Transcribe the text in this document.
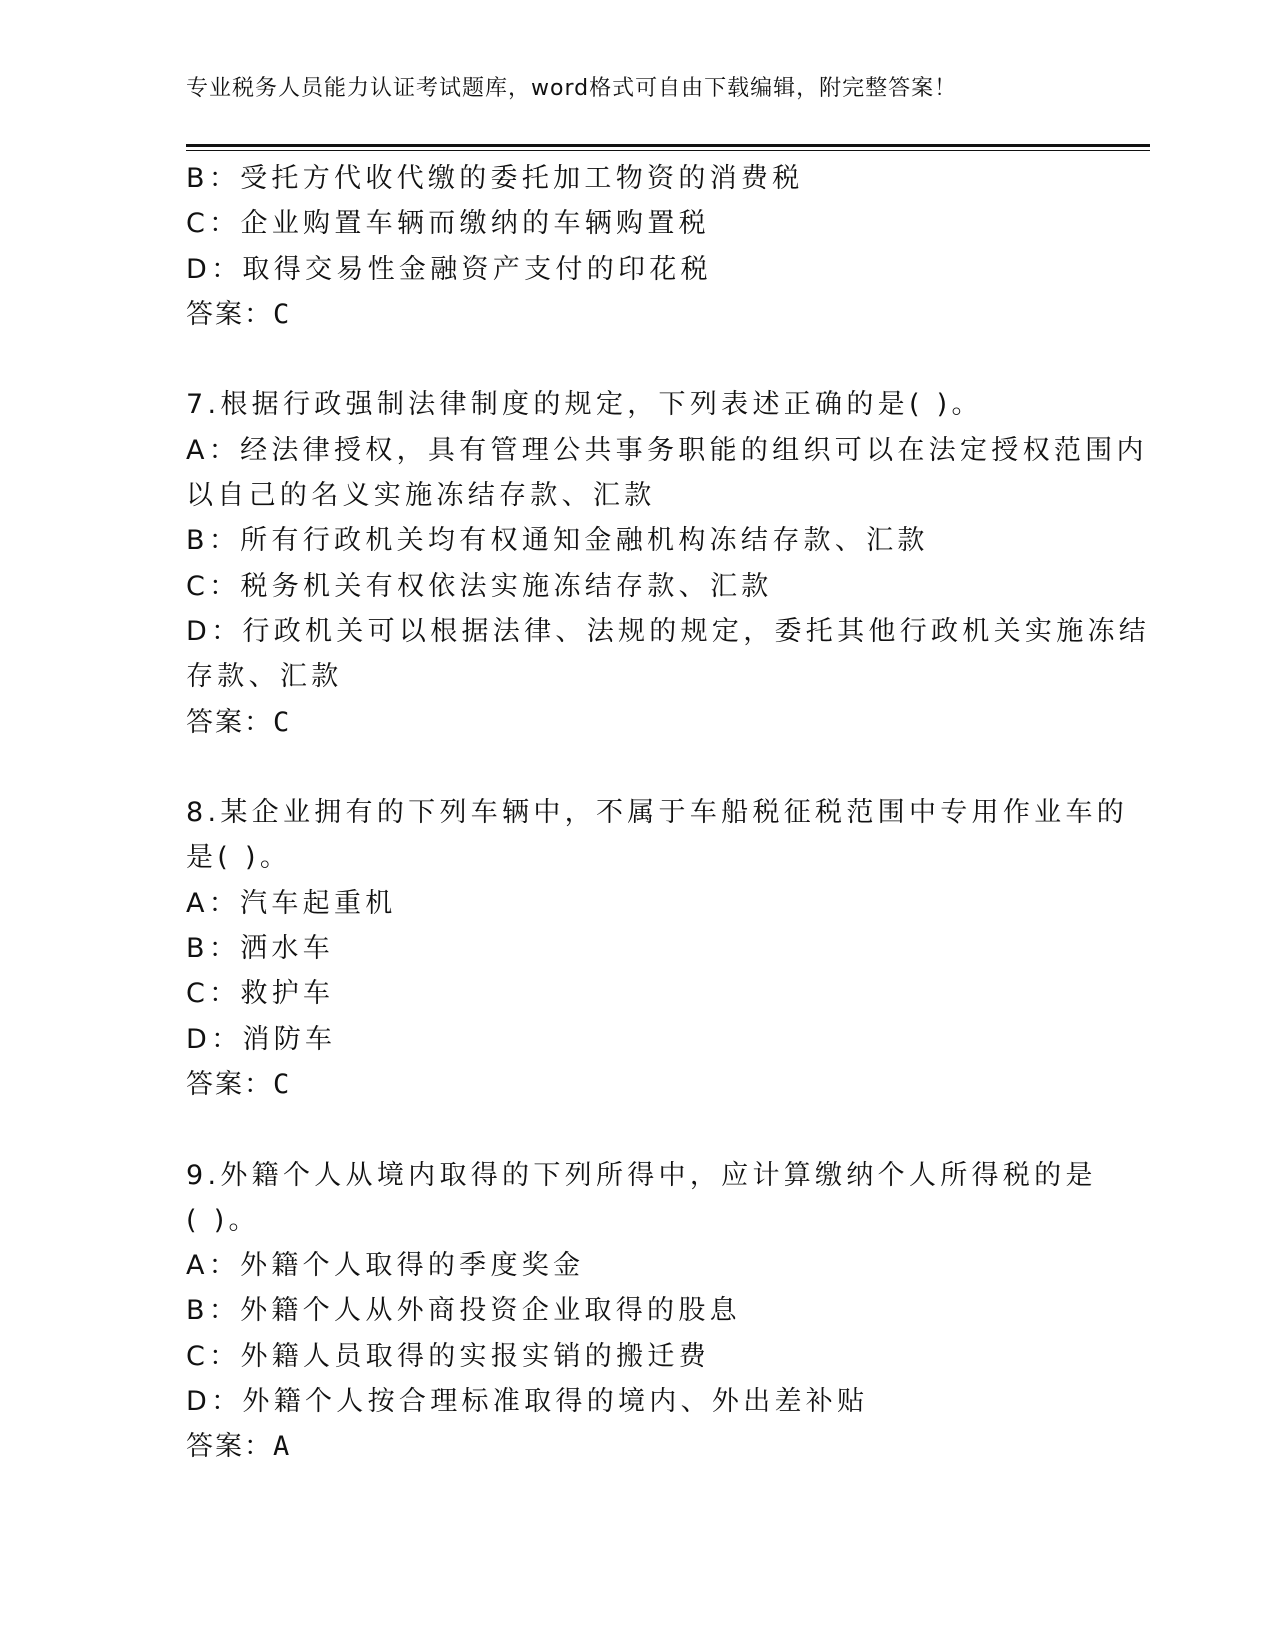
专业税务人员能力认证考试题库，word格式可自由下载编辑，附完整答案！
B：受托方代收代缴的委托加工物资的消费税
C：企业购置车辆而缴纳的车辆购置税
D：取得交易性金融资产支付的印花税
答案：C
7.根据行政强制法律制度的规定，下列表述正确的是( )。
A：经法律授权，具有管理公共事务职能的组织可以在法定授权范围内
以自己的名义实施冻结存款、汇款
B：所有行政机关均有权通知金融机构冻结存款、汇款
C：税务机关有权依法实施冻结存款、汇款
D：行政机关可以根据法律、法规的规定，委托其他行政机关实施冻结
存款、汇款
答案：C
8.某企业拥有的下列车辆中，不属于车船税征税范围中专用作业车的
是( )。
A：汽车起重机
B：洒水车
C：救护车
D：消防车
答案：C
9.外籍个人从境内取得的下列所得中，应计算缴纳个人所得税的是
( )。
A：外籍个人取得的季度奖金
B：外籍个人从外商投资企业取得的股息
C：外籍人员取得的实报实销的搬迁费
D：外籍个人按合理标准取得的境内、外出差补贴
答案：A
